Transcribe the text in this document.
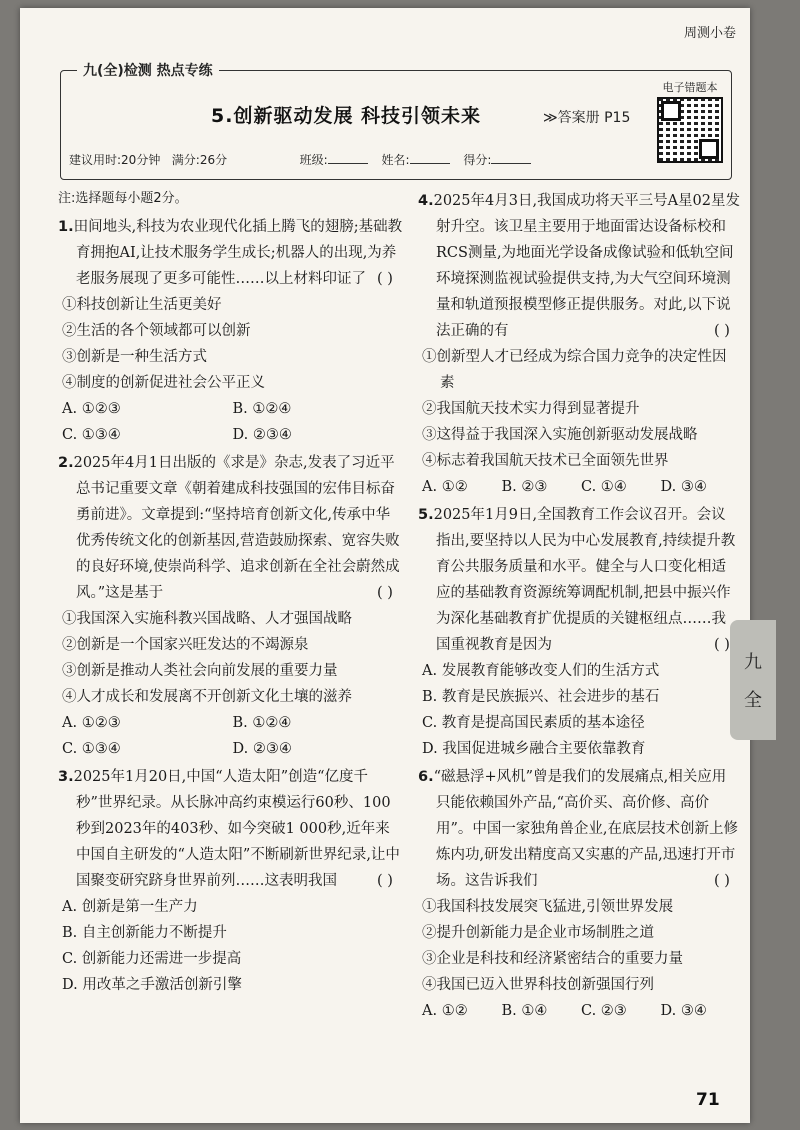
周测小卷
九(全)检测 热点专练
5.创新驱动发展 科技引领未来	≫答案册 P15
建议用时:20分钟 满分:26分	班级:	姓名:	得分:
电子错题本
注:选择题每小题2分。
1.田间地头,科技为农业现代化插上腾飞的翅膀;基础教育拥抱AI,让技术服务学生成长;机器人的出现,为养老服务展现了更多可能性……以上材料印证了 ( )
①科技创新让生活更美好
②生活的各个领域都可以创新
③创新是一种生活方式
④制度的创新促进社会公平正义
A. ①②③	B. ①②④
C. ①③④	D. ②③④
2.2025年4月1日出版的《求是》杂志,发表了习近平总书记重要文章《朝着建成科技强国的宏伟目标奋勇前进》。文章提到:“坚持培育创新文化,传承中华优秀传统文化的创新基因,营造鼓励探索、宽容失败的良好环境,使崇尚科学、追求创新在全社会蔚然成风。”这是基于	( )
①我国深入实施科教兴国战略、人才强国战略
②创新是一个国家兴旺发达的不竭源泉
③创新是推动人类社会向前发展的重要力量
④人才成长和发展离不开创新文化土壤的滋养
A. ①②③	B. ①②④
C. ①③④	D. ②③④
3.2025年1月20日,中国“人造太阳”创造“亿度千秒”世界纪录。从长脉冲高约束模运行60秒、100秒到2023年的403秒、如今突破1 000秒,近年来中国自主研发的“人造太阳”不断刷新世界纪录,让中国聚变研究跻身世界前列……这表明我国	( )
A. 创新是第一生产力
B. 自主创新能力不断提升
C. 创新能力还需进一步提高
D. 用改革之手激活创新引擎
4.2025年4月3日,我国成功将天平三号A星02星发射升空。该卫星主要用于地面雷达设备标校和RCS测量,为地面光学设备成像试验和低轨空间环境探测监视试验提供支持,为大气空间环境测量和轨道预报模型修正提供服务。对此,以下说法正确的有	( )
①创新型人才已经成为综合国力竞争的决定性因素
②我国航天技术实力得到显著提升
③这得益于我国深入实施创新驱动发展战略
④标志着我国航天技术已全面领先世界
A. ①②	B. ②③	C. ①④	D. ③④
5.2025年1月9日,全国教育工作会议召开。会议指出,要坚持以人民为中心发展教育,持续提升教育公共服务质量和水平。健全与人口变化相适应的基础教育资源统筹调配机制,把县中振兴作为深化基础教育扩优提质的关键枢纽点……我国重视教育是因为	( )
A. 发展教育能够改变人们的生活方式
B. 教育是民族振兴、社会进步的基石
C. 教育是提高国民素质的基本途径
D. 我国促进城乡融合主要依靠教育
6.“磁悬浮+风机”曾是我们的发展痛点,相关应用只能依赖国外产品,“高价买、高价修、高价用”。中国一家独角兽企业,在底层技术创新上修炼内功,研发出精度高又实惠的产品,迅速打开市场。这告诉我们	( )
①我国科技发展突飞猛进,引领世界发展
②提升创新能力是企业市场制胜之道
③企业是科技和经济紧密结合的重要力量
④我国已迈入世界科技创新强国行列
A. ①②	B. ①④	C. ②③	D. ③④
71
九
全
